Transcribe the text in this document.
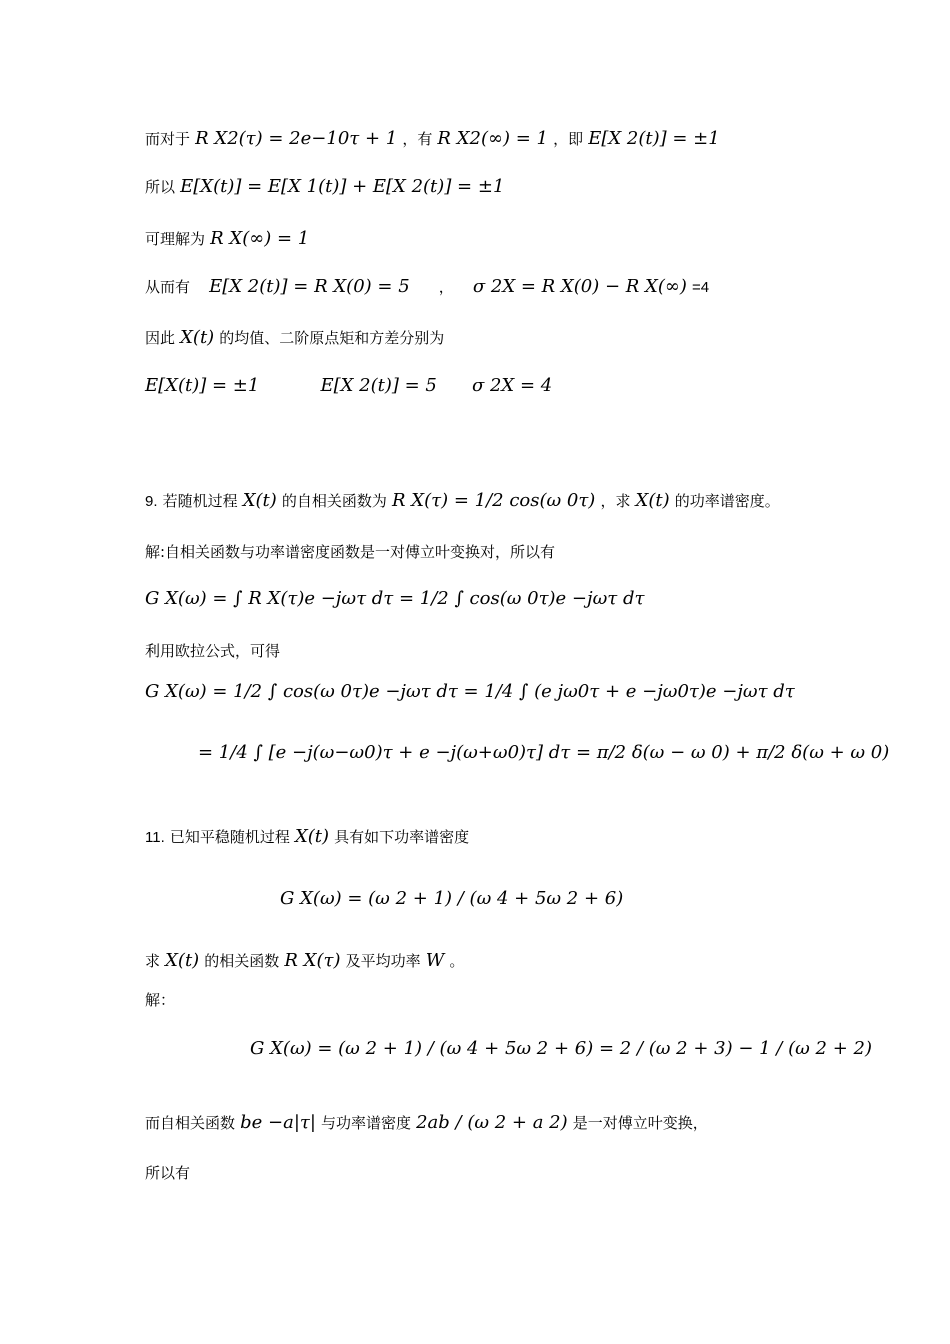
而对于 R X2(τ) = 2e−10τ + 1 ，有 R X2(∞) = 1 ，即 E[X 2(t)] = ±1
所以 E[X(t)] = E[X 1(t)] + E[X 2(t)] = ±1
可理解为 R X(∞) = 1
从而有 E[X 2(t)] = R X(0) = 5 ， σ 2X = R X(0) − R X(∞) =4
因此 X(t) 的均值、二阶原点矩和方差分别为
E[X(t)] = ±1	E[X 2(t)] = 5 σ 2X = 4
9. 若随机过程 X(t) 的自相关函数为 R X(τ) = 1/2 cos(ω 0τ) ，求 X(t) 的功率谱密度。
解:自相关函数与功率谱密度函数是一对傅立叶变换对，所以有
G X(ω) = ∫ R X(τ)e −jωτ dτ = 1/2 ∫ cos(ω 0τ)e −jωτ dτ
利用欧拉公式，可得
G X(ω) = 1/2 ∫ cos(ω 0τ)e −jωτ dτ = 1/4 ∫ (e jω0τ + e −jω0τ)e −jωτ dτ
= 1/4 ∫ [e −j(ω−ω0)τ + e −j(ω+ω0)τ] dτ = π/2 δ(ω − ω 0) + π/2 δ(ω + ω 0)
11. 已知平稳随机过程 X(t) 具有如下功率谱密度
G X(ω) = (ω 2 + 1) / (ω 4 + 5ω 2 + 6)
求 X(t) 的相关函数 R X(τ) 及平均功率 W 。
解：
G X(ω) = (ω 2 + 1) / (ω 4 + 5ω 2 + 6) = 2 / (ω 2 + 3) − 1 / (ω 2 + 2)
而自相关函数 be −a|τ| 与功率谱密度 2ab / (ω 2 + a 2) 是一对傅立叶变换，
所以有
